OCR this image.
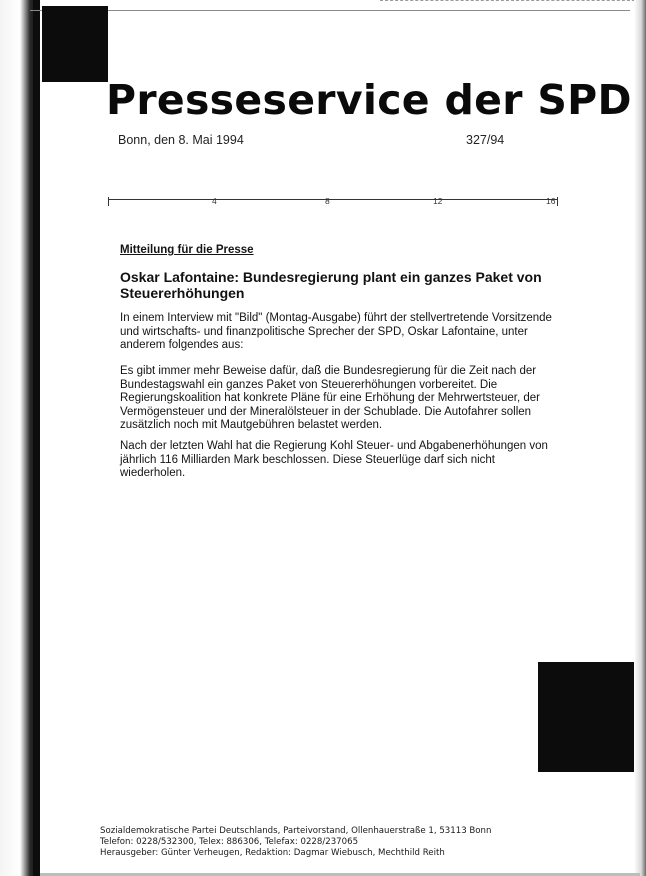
Presseservice der SPD
Bonn, den 8. Mai 1994	327/94
4	8	12	16
Mitteilung für die Presse
Oskar Lafontaine: Bundesregierung plant ein ganzes Paket von Steuererhöhungen

In einem Interview mit "Bild" (Montag-Ausgabe) führt der stellvertretende Vorsitzende und wirtschafts- und finanzpolitische Sprecher der SPD, Oskar Lafontaine, unter anderem folgendes aus:

Es gibt immer mehr Beweise dafür, daß die Bundesregierung für die Zeit nach der Bundestagswahl ein ganzes Paket von Steuererhöhungen vorbereitet. Die Regierungskoalition hat konkrete Pläne für eine Erhöhung der Mehrwertsteuer, der Vermögensteuer und der Mineralölsteuer in der Schublade. Die Autofahrer sollen zusätzlich noch mit Mautgebühren belastet werden.

Nach der letzten Wahl hat die Regierung Kohl Steuer- und Abgabenerhöhungen von jährlich 116 Milliarden Mark beschlossen. Diese Steuerlüge darf sich nicht wiederholen.

Sozialdemokratische Partei Deutschlands, Parteivorstand, Ollenhauerstraße 1, 53113 Bonn
Telefon: 0228/532300, Telex: 886306, Telefax: 0228/237065
Herausgeber: Günter Verheugen, Redaktion: Dagmar Wiebusch, Mechthild Reith
